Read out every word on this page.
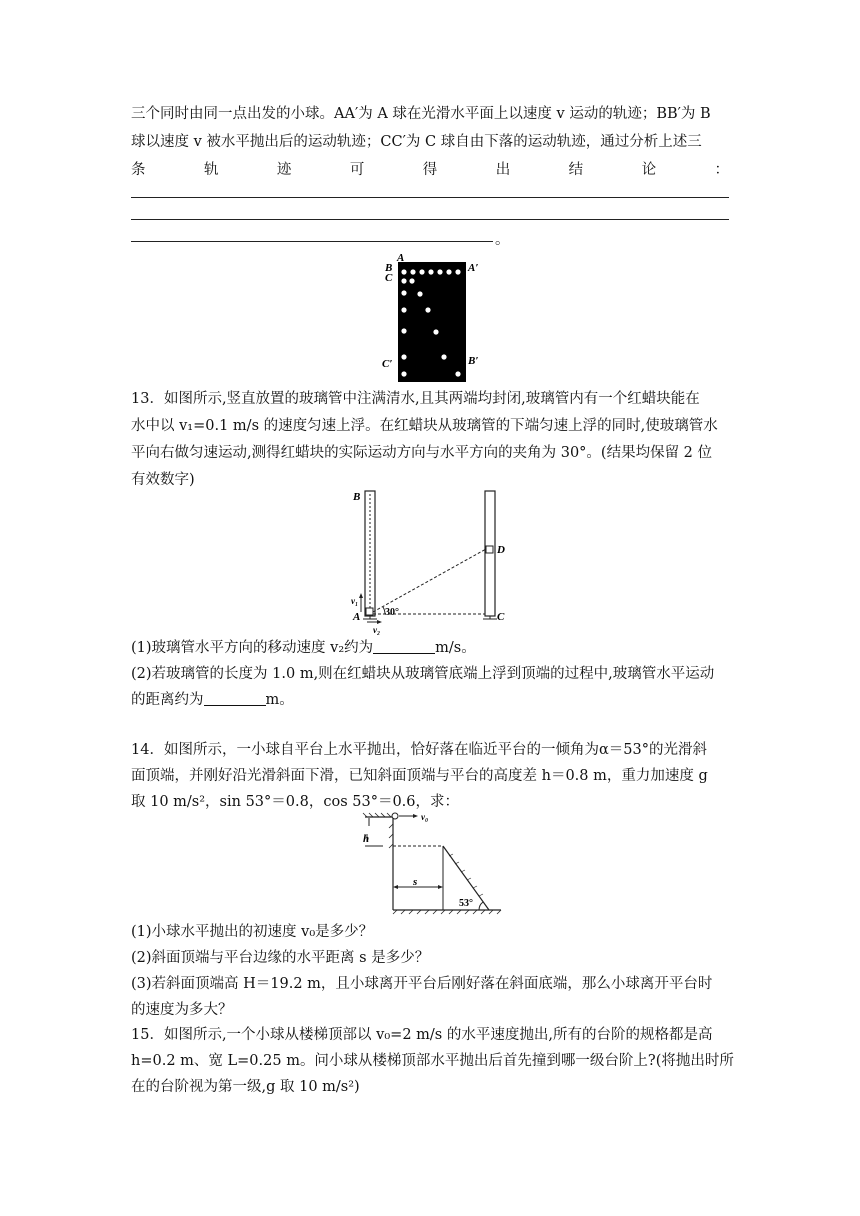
三个同时由同一点出发的小球。AA′为 A 球在光滑水平面上以速度 v 运动的轨迹；BB′为 B
球以速度 v 被水平抛出后的运动轨迹；CC′为 C 球自由下落的运动轨迹，通过分析上述三
条	轨	迹	可	得	出	结	论	：
。
A
A′
B
C
C′	B′
13．如图所示,竖直放置的玻璃管中注满清水,且其两端均封闭,玻璃管内有一个红蜡块能在
水中以 v₁=0.1 m/s 的速度匀速上浮。在红蜡块从玻璃管的下端匀速上浮的同时,使玻璃管水
平向右做匀速运动,测得红蜡块的实际运动方向与水平方向的夹角为 30°。(结果均保留 2 位
有效数字)
B
A
D
C
v₁
v₂
30°
(1)玻璃管水平方向的移动速度 v₂约为	m/s。
(2)若玻璃管的长度为 1.0 m,则在红蜡块从玻璃管底端上浮到顶端的过程中,玻璃管水平运动
的距离约为	m。
14．如图所示，一小球自平台上水平抛出，恰好落在临近平台的一倾角为α＝53°的光滑斜
面顶端，并刚好沿光滑斜面下滑，已知斜面顶端与平台的高度差 h＝0.8 m，重力加速度 g
取 10 m/s²，sin 53°＝0.8，cos 53°＝0.6，求：
h
s
v₀
53°
(1)小球水平抛出的初速度 v₀是多少？
(2)斜面顶端与平台边缘的水平距离 s 是多少？
(3)若斜面顶端高 H＝19.2 m，且小球离开平台后刚好落在斜面底端，那么小球离开平台时
的速度为多大？
15．如图所示,一个小球从楼梯顶部以 v₀=2 m/s 的水平速度抛出,所有的台阶的规格都是高
h=0.2 m、宽 L=0.25 m。问小球从楼梯顶部水平抛出后首先撞到哪一级台阶上?(将抛出时所
在的台阶视为第一级,g 取 10 m/s²)
